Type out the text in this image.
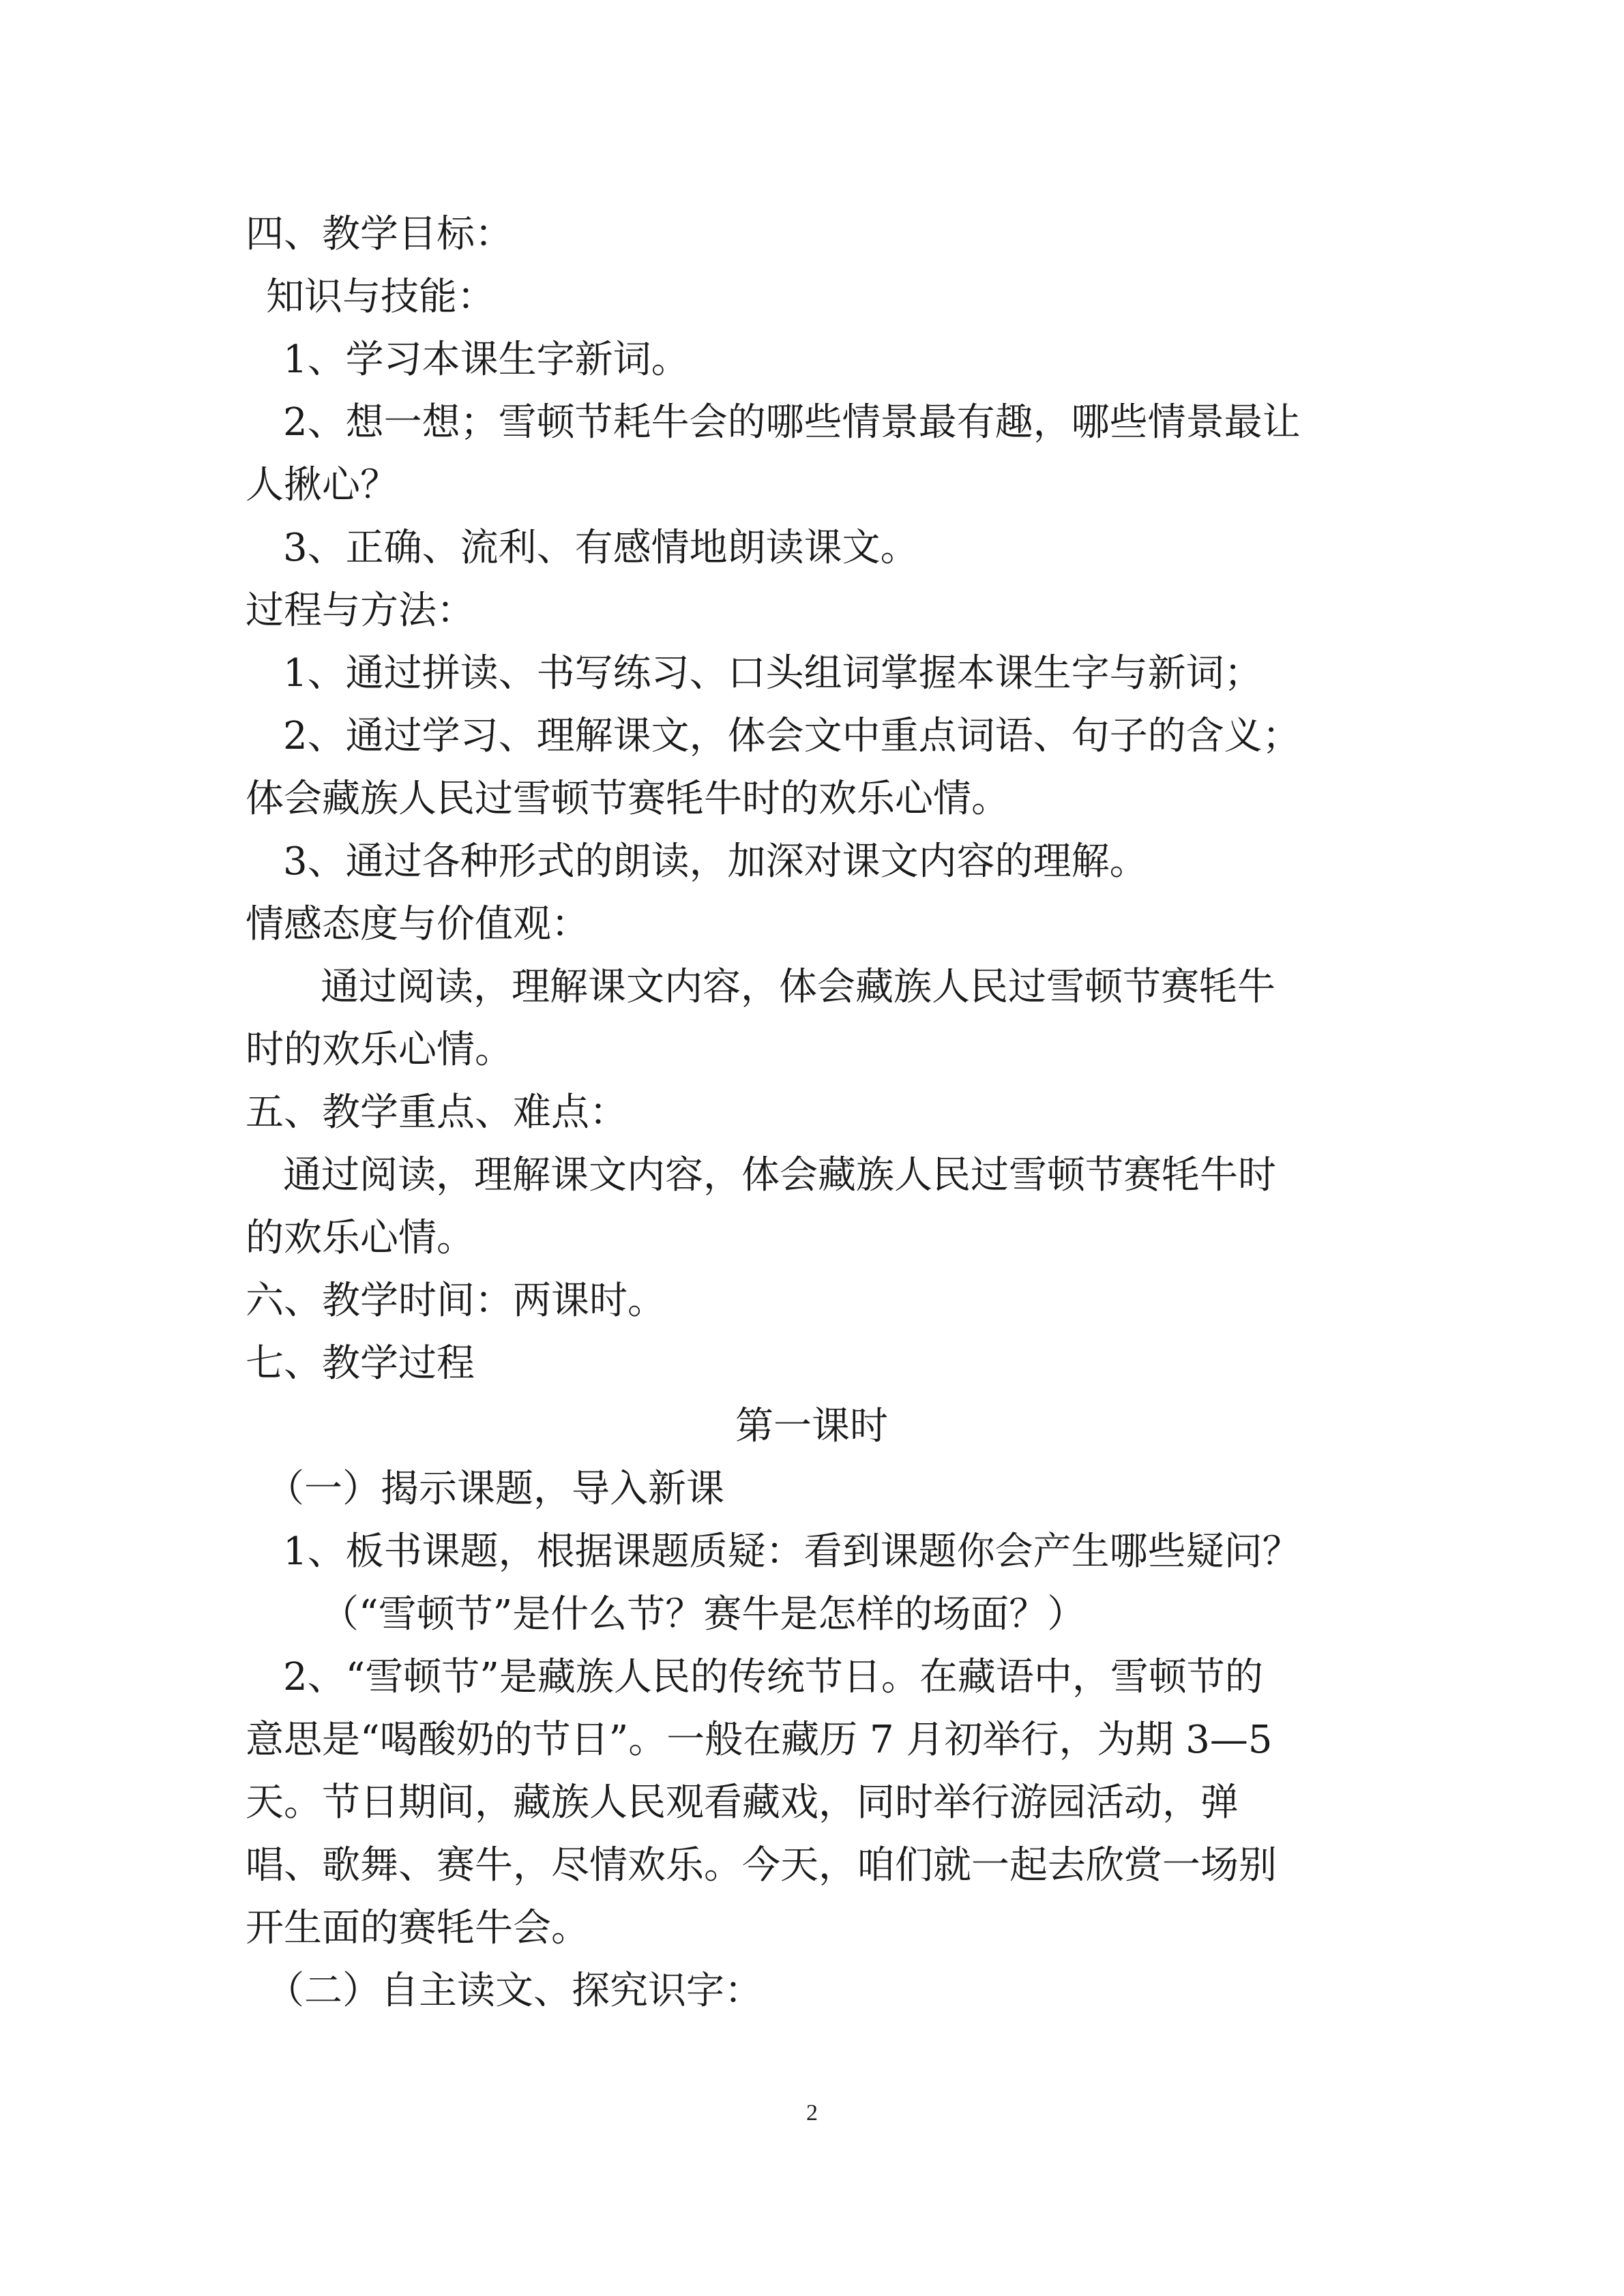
四、教学目标：

知识与技能：

1、学习本课生字新词。

2、想一想；雪顿节耗牛会的哪些情景最有趣，哪些情景最让

人揪心？

3、正确、流利、有感情地朗读课文。

过程与方法：

1、通过拼读、书写练习、口头组词掌握本课生字与新词；

2、通过学习、理解课文，体会文中重点词语、句子的含义；

体会藏族人民过雪顿节赛牦牛时的欢乐心情。

3、通过各种形式的朗读，加深对课文内容的理解。

情感态度与价值观：

通过阅读，理解课文内容，体会藏族人民过雪顿节赛牦牛

时的欢乐心情。

五、教学重点、难点：

通过阅读，理解课文内容，体会藏族人民过雪顿节赛牦牛时

的欢乐心情。

六、教学时间：两课时。

七、教学过程

第一课时

（一）揭示课题，导入新课

1、板书课题，根据课题质疑：看到课题你会产生哪些疑问？

（“雪顿节”是什么节？赛牛是怎样的场面？）

2、“雪顿节”是藏族人民的传统节日。在藏语中，雪顿节的

意思是“喝酸奶的节日”。一般在藏历 7 月初举行，为期 3—5

天。节日期间，藏族人民观看藏戏，同时举行游园活动，弹

唱、歌舞、赛牛，尽情欢乐。今天，咱们就一起去欣赏一场别

开生面的赛牦牛会。

（二）自主读文、探究识字：

2
